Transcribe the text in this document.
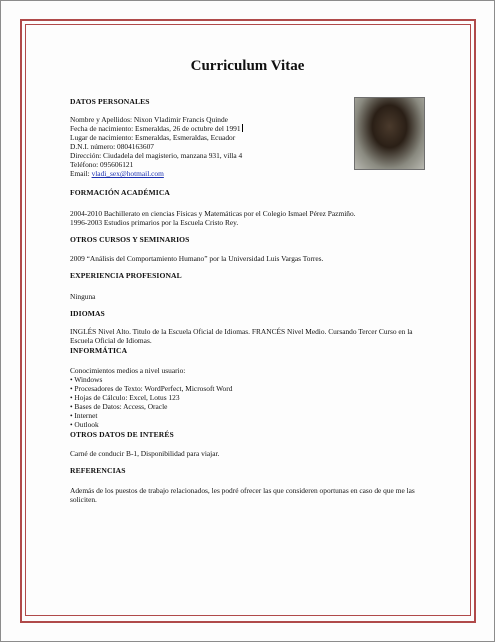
Curriculum Vitae
DATOS PERSONALES
Nombre y Apellidos: Nixon Vladimir Francis Quinde
Fecha de nacimiento: Esmeraldas, 26 de octubre del 1991
Lugar de nacimiento: Esmeraldas, Esmeraldas, Ecuador
D.N.I. número: 0804163607
Dirección: Ciudadela del magisterio, manzana 931, villa 4
Teléfono: 095606121
Email: vladi_sex@hotmail.com
FORMACIÓN ACADÉMICA
2004-2010 Bachillerato en ciencias Físicas y Matemáticas por el Colegio Ismael Pérez Pazmiño.
1996-2003 Estudios primarios por la Escuela Cristo Rey.
OTROS CURSOS Y SEMINARIOS
2009 “Análisis del Comportamiento Humano” por la Universidad Luis Vargas Torres.
EXPERIENCIA PROFESIONAL
Ninguna
IDIOMAS
INGLÉS Nivel Alto. Titulo de la Escuela Oficial de Idiomas. FRANCÉS Nivel Medio. Cursando Tercer Curso en la Escuela Oficial de Idiomas.
INFORMÁTICA
Conocimientos medios a nivel usuario:
• Windows
• Procesadores de Texto: WordPerfect, Microsoft Word
• Hojas de Cálculo: Excel, Lotus 123
• Bases de Datos: Access, Oracle
• Internet
• Outlook
OTROS DATOS DE INTERÉS
Carné de conducir B-1, Disponibilidad para viajar.
REFERENCIAS
Además de los puestos de trabajo relacionados, les podré ofrecer las que consideren oportunas en caso de que me las soliciten.
